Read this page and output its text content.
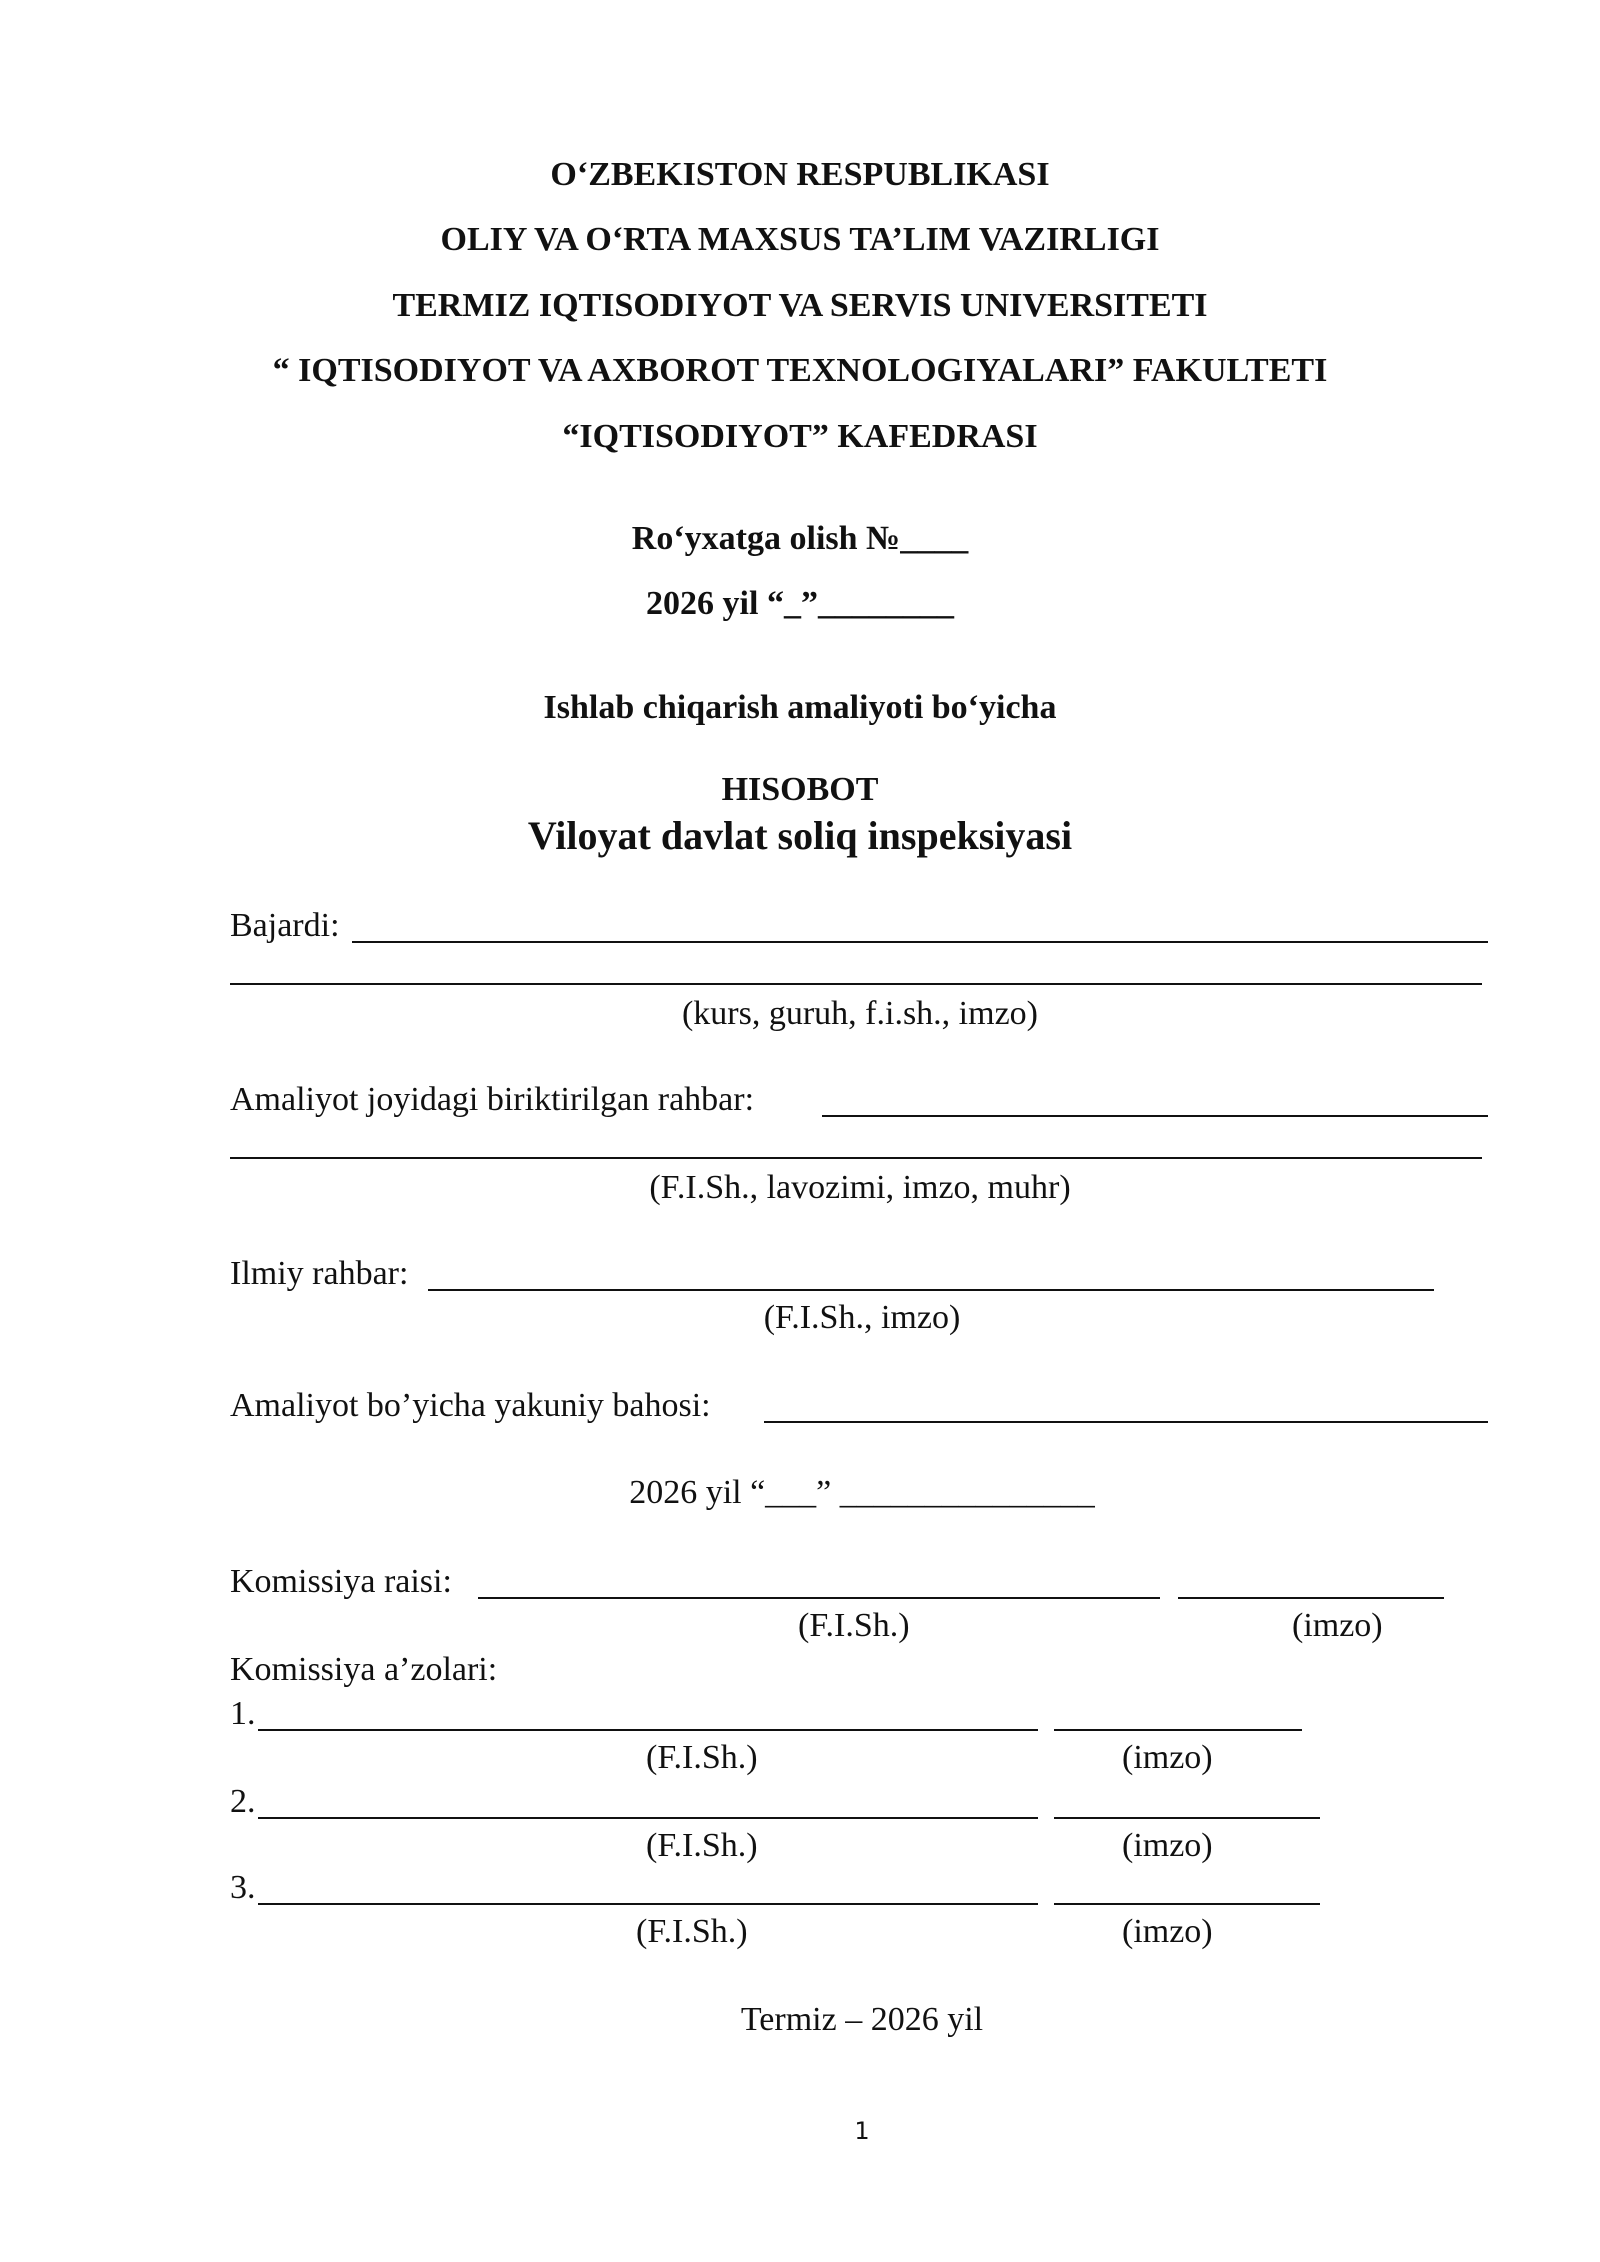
O‘ZBEKISTON RESPUBLIKASI
OLIY VA O‘RTA MAXSUS TA’LIM VAZIRLIGI
TERMIZ IQTISODIYOT VA SERVIS UNIVERSITETI
“ IQTISODIYOT VA AXBOROT TEXNOLOGIYALARI” FAKULTETI
“IQTISODIYOT” KAFEDRASI
Ro‘yxatga olish №____
2026 yil “_”________
Ishlab chiqarish amaliyoti bo‘yicha
HISOBOT
Viloyat davlat soliq inspeksiyasi
Bajardi:
(kurs, guruh, f.i.sh., imzo)
Amaliyot joyidagi biriktirilgan rahbar:
(F.I.Sh., lavozimi, imzo, muhr)
Ilmiy rahbar:
(F.I.Sh., imzo)
Amaliyot bo’yicha yakuniy bahosi:
2026 yil “___” _______________
Komissiya raisi:
(F.I.Sh.)	(imzo)
Komissiya a’zolari:
1.
(F.I.Sh.)	(imzo)
2.
(F.I.Sh.)	(imzo)
3.
(F.I.Sh.)	(imzo)
Termiz – 2026 yil
1
